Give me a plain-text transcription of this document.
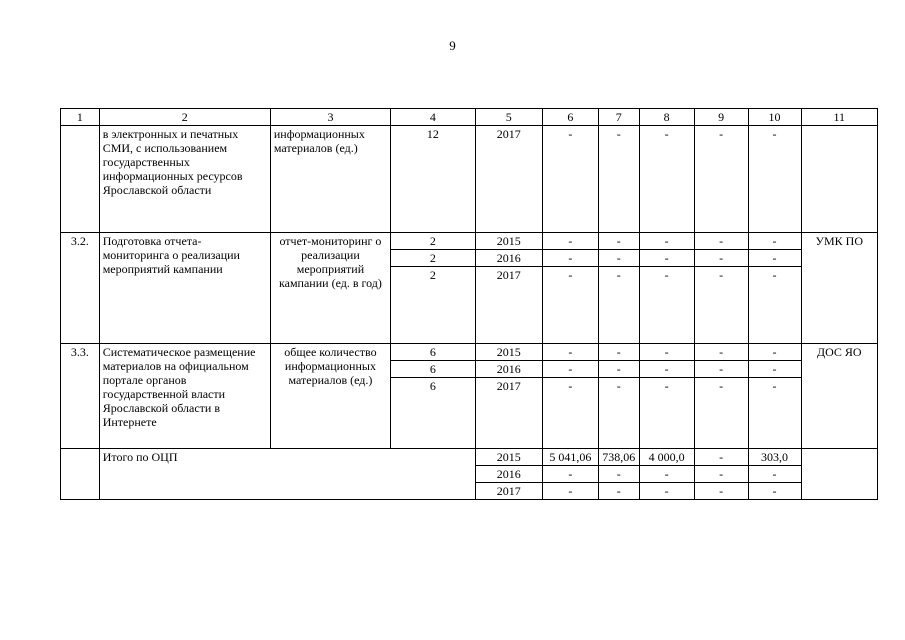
9
1	2	3	4	5	6	7	8	9	10	11
	в электронных и печатных СМИ, с использованием государственных информационных ресурсов Ярославской области	информационных материалов (ед.)	12	2017	-	-	-	-	-	
3.2.	Подготовка отчета-мониторинга о реализации мероприятий кампании	отчет-мониторинг о реализации мероприятий кампании (ед. в год)	2	2015	-	-	-	-	-	УМК ПО
			2	2016	-	-	-	-	-	
			2	2017	-	-	-	-	-	
3.3.	Систематическое размещение материалов на официальном портале органов государственной власти Ярославской области в Интернете	общее количество информационных материалов (ед.)	6	2015	-	-	-	-	-	ДОС ЯО
			6	2016	-	-	-	-	-	
			6	2017	-	-	-	-	-	
	Итого по ОЦП			2015	5 041,06	738,06	4 000,0	-	303,0	
				2016	-	-	-	-	-	
				2017	-	-	-	-	-	
